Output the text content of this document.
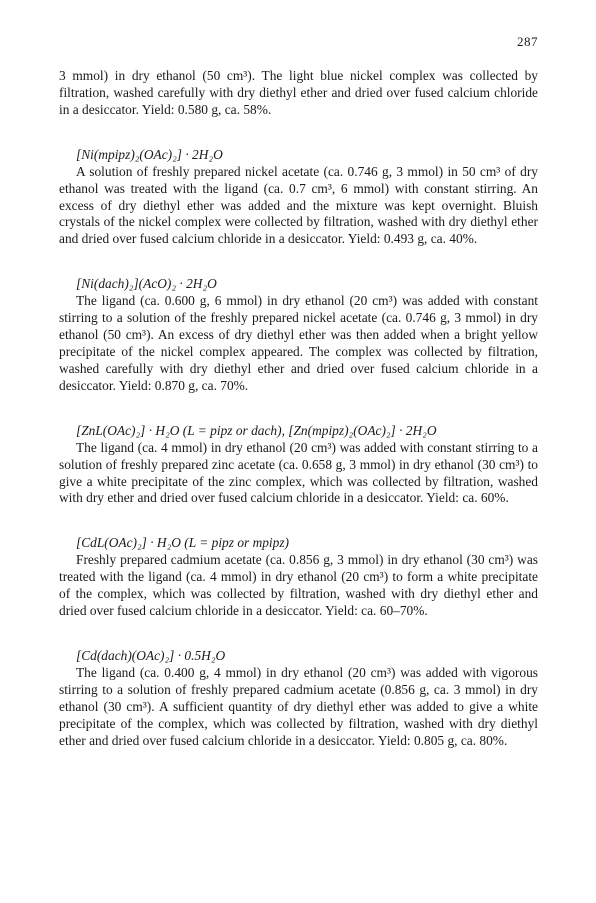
287

3 mmol) in dry ethanol (50 cm³). The light blue nickel complex was collected by filtration, washed carefully with dry diethyl ether and dried over fused calcium chloride in a desiccator. Yield: 0.580 g, ca. 58%.

[Ni(mpipz)₂(OAc)₂] · 2H₂O

A solution of freshly prepared nickel acetate (ca. 0.746 g, 3 mmol) in 50 cm³ of dry ethanol was treated with the ligand (ca. 0.7 cm³, 6 mmol) with constant stirring. An excess of dry diethyl ether was added and the mixture was kept overnight. Bluish crystals of the nickel complex were collected by filtration, washed with dry diethyl ether and dried over fused calcium chloride in a desiccator. Yield: 0.493 g, ca. 40%.

[Ni(dach)₂](AcO)₂ · 2H₂O

The ligand (ca. 0.600 g, 6 mmol) in dry ethanol (20 cm³) was added with constant stirring to a solution of the freshly prepared nickel acetate (ca. 0.746 g, 3 mmol) in dry ethanol (50 cm³). An excess of dry diethyl ether was then added when a bright yellow precipitate of the nickel complex appeared. The complex was collected by filtration, washed carefully with dry diethyl ether and dried over fused calcium chloride in a desiccator. Yield: 0.870 g, ca. 70%.

[ZnL(OAc)₂] · H₂O (L = pipz or dach), [Zn(mpipz)₂(OAc)₂] · 2H₂O

The ligand (ca. 4 mmol) in dry ethanol (20 cm³) was added with constant stirring to a solution of freshly prepared zinc acetate (ca. 0.658 g, 3 mmol) in dry ethanol (30 cm³) to give a white precipitate of the zinc complex, which was collected by filtration, washed with dry ether and dried over fused calcium chloride in a desiccator. Yield: ca. 60%.

[CdL(OAc)₂] · H₂O (L = pipz or mpipz)

Freshly prepared cadmium acetate (ca. 0.856 g, 3 mmol) in dry ethanol (30 cm³) was treated with the ligand (ca. 4 mmol) in dry ethanol (20 cm³) to form a white precipitate of the complex, which was collected by filtration, washed with dry diethyl ether and dried over fused calcium chloride in a desiccator. Yield: ca. 60–70%.

[Cd(dach)(OAc)₂] · 0.5H₂O

The ligand (ca. 0.400 g, 4 mmol) in dry ethanol (20 cm³) was added with vigorous stirring to a solution of freshly prepared cadmium acetate (0.856 g, ca. 3 mmol) in dry ethanol (30 cm³). A sufficient quantity of dry diethyl ether was added to give a white precipitate of the complex, which was collected by filtration, washed with dry diethyl ether and dried over fused calcium chloride in a desiccator. Yield: 0.805 g, ca. 80%.
